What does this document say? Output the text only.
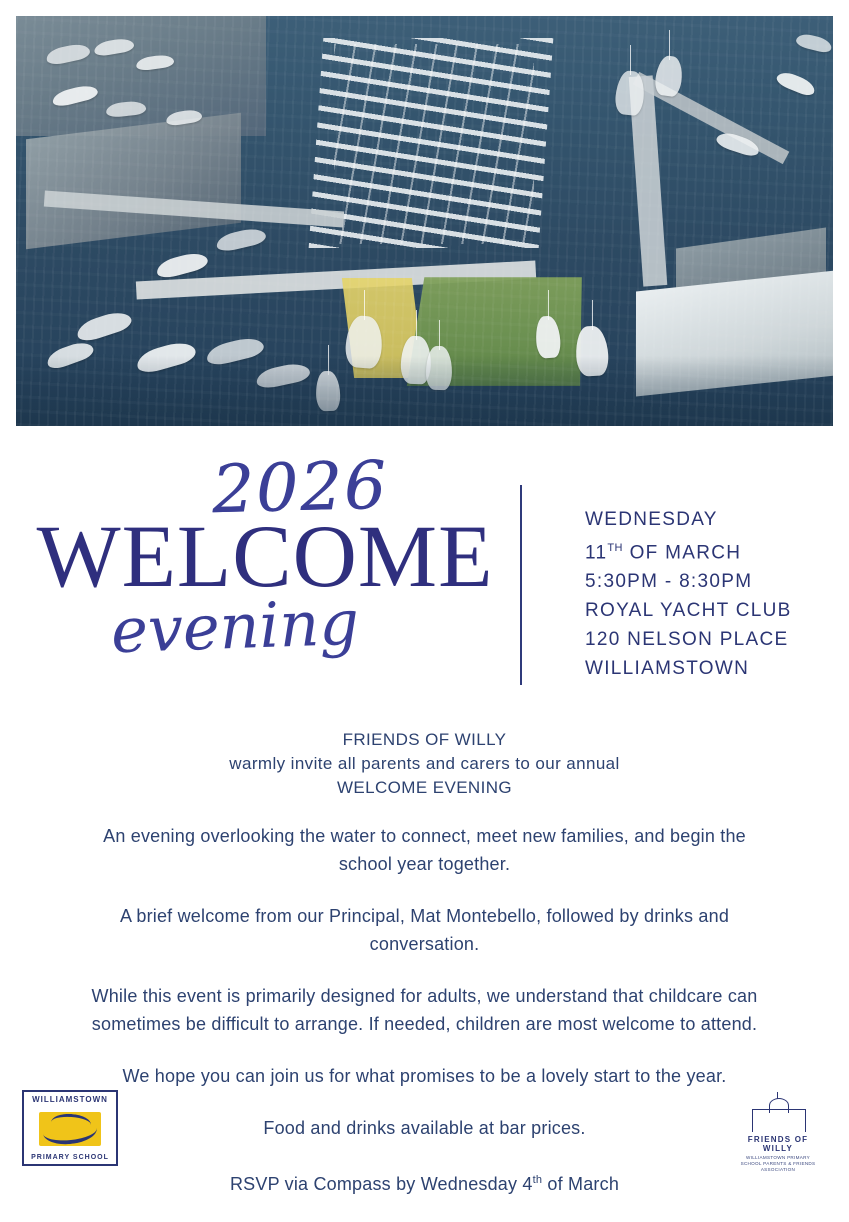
2026
WELCOME
evening
WEDNESDAY
11TH OF MARCH
5:30PM - 8:30PM
ROYAL YACHT CLUB
120 NELSON PLACE
WILLIAMSTOWN
FRIENDS OF WILLY
warmly invite all parents and carers to our annual
WELCOME EVENING

An evening overlooking the water to connect, meet new families, and begin the school year together.

A brief welcome from our Principal, Mat Montebello, followed by drinks and conversation.

While this event is primarily designed for adults, we understand that childcare can sometimes be difficult to arrange. If needed, children are most welcome to attend.

We hope you can join us for what promises to be a lovely start to the year.

Food and drinks available at bar prices.

RSVP via Compass by Wednesday 4th of March

WILLIAMSTOWN
PRIMARY SCHOOL
FRIENDS OF WILLY
WILLIAMSTOWN PRIMARY SCHOOL PARENTS & FRIENDS ASSOCIATION
